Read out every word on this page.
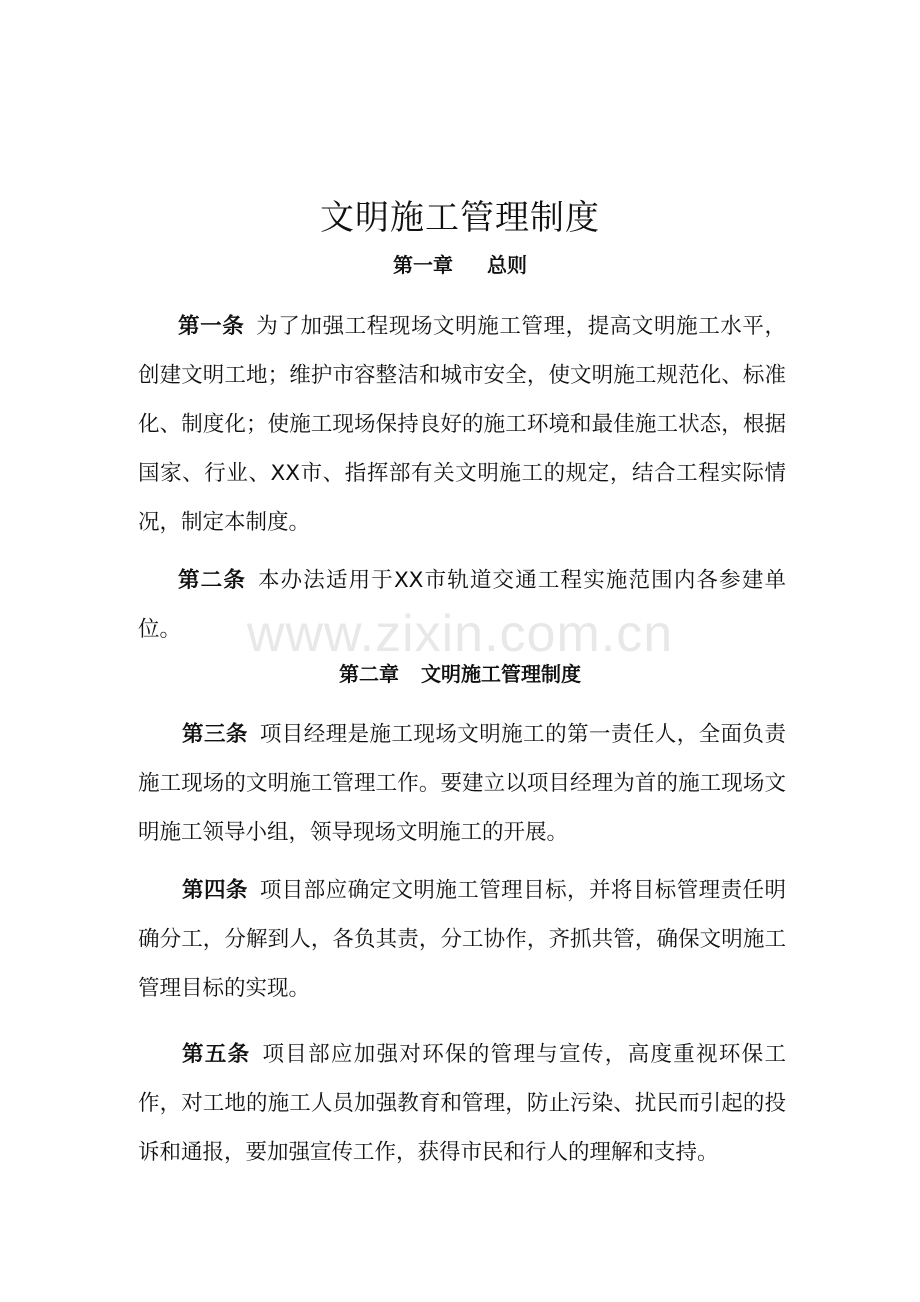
文明施工管理制度
第一章 总则

第一条 为了加强工程现场文明施工管理，提高文明施工水平，创建文明工地；维护市容整洁和城市安全，使文明施工规范化、标准化、制度化；使施工现场保持良好的施工环境和最佳施工状态，根据国家、行业、XX市、指挥部有关文明施工的规定，结合工程实际情况，制定本制度。

第二条 本办法适用于XX市轨道交通工程实施范围内各参建单位。	www.zixin.com.cn
第二章 文明施工管理制度

第三条 项目经理是施工现场文明施工的第一责任人，全面负责施工现场的文明施工管理工作。要建立以项目经理为首的施工现场文明施工领导小组，领导现场文明施工的开展。

第四条 项目部应确定文明施工管理目标，并将目标管理责任明确分工，分解到人，各负其责，分工协作，齐抓共管，确保文明施工管理目标的实现。

第五条 项目部应加强对环保的管理与宣传，高度重视环保工作，对工地的施工人员加强教育和管理，防止污染、扰民而引起的投诉和通报，要加强宣传工作，获得市民和行人的理解和支持。
